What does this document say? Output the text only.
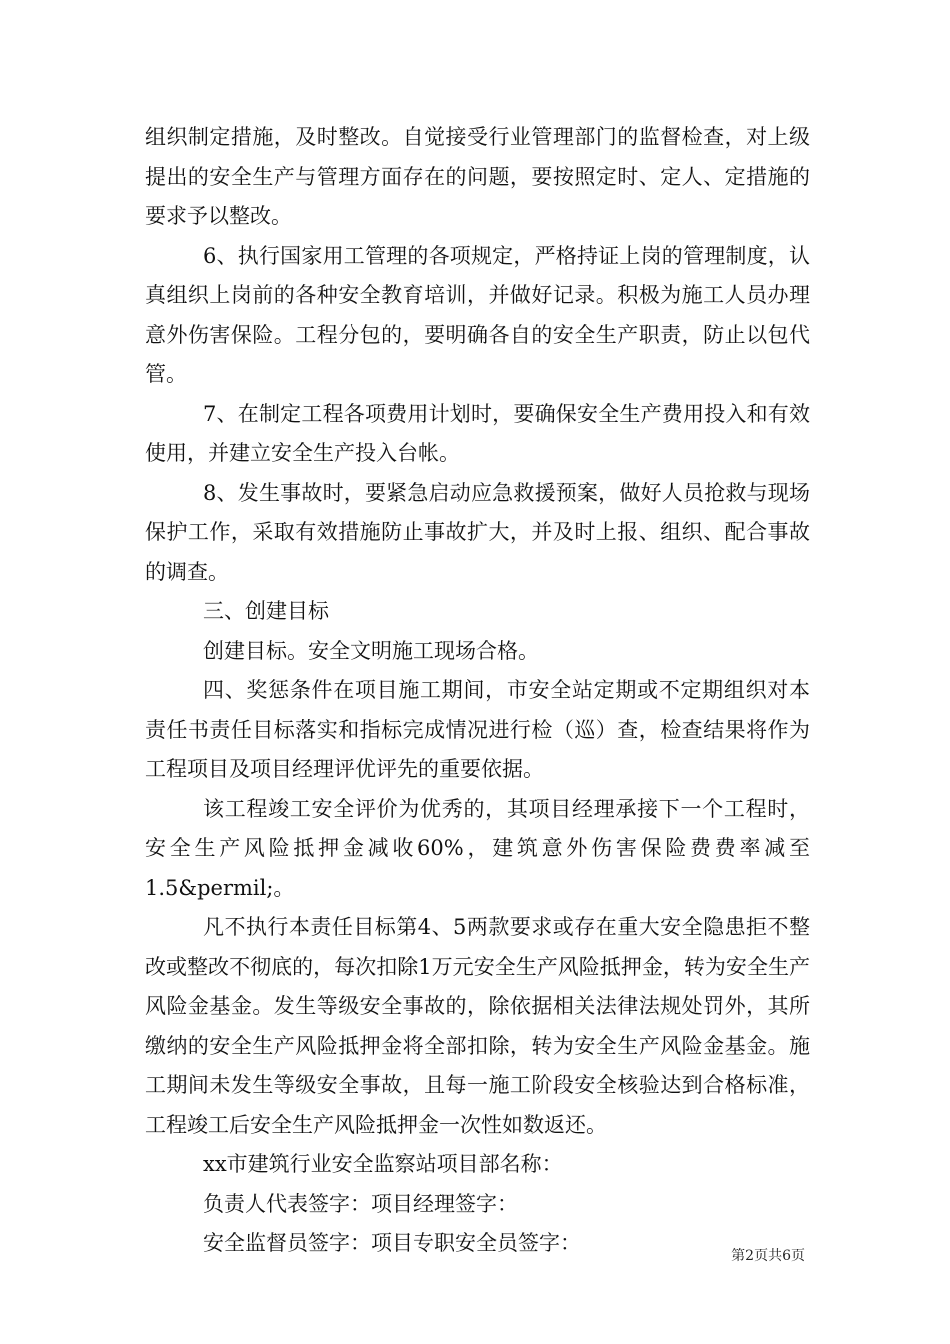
组织制定措施，及时整改。自觉接受行业管理部门的监督检查，对上级提出的安全生产与管理方面存在的问题，要按照定时、定人、定措施的要求予以整改。

6、执行国家用工管理的各项规定，严格持证上岗的管理制度，认真组织上岗前的各种安全教育培训，并做好记录。积极为施工人员办理意外伤害保险。工程分包的，要明确各自的安全生产职责，防止以包代管。

7、在制定工程各项费用计划时，要确保安全生产费用投入和有效使用，并建立安全生产投入台帐。

8、发生事故时，要紧急启动应急救援预案，做好人员抢救与现场保护工作，采取有效措施防止事故扩大，并及时上报、组织、配合事故的调查。

三、创建目标

创建目标。安全文明施工现场合格。

四、奖惩条件在项目施工期间，市安全站定期或不定期组织对本责任书责任目标落实和指标完成情况进行检（巡）查，检查结果将作为工程项目及项目经理评优评先的重要依据。

该工程竣工安全评价为优秀的，其项目经理承接下一个工程时，安全生产风险抵押金减收60%，建筑意外伤害保险费费率减至1.5&permil;。

凡不执行本责任目标第4、5两款要求或存在重大安全隐患拒不整改或整改不彻底的，每次扣除1万元安全生产风险抵押金，转为安全生产风险金基金。发生等级安全事故的，除依据相关法律法规处罚外，其所缴纳的安全生产风险抵押金将全部扣除，转为安全生产风险金基金。施工期间未发生等级安全事故，且每一施工阶段安全核验达到合格标准，工程竣工后安全生产风险抵押金一次性如数返还。

xx市建筑行业安全监察站项目部名称：

负责人代表签字：项目经理签字：

安全监督员签字：项目专职安全员签字：

第2页共6页
